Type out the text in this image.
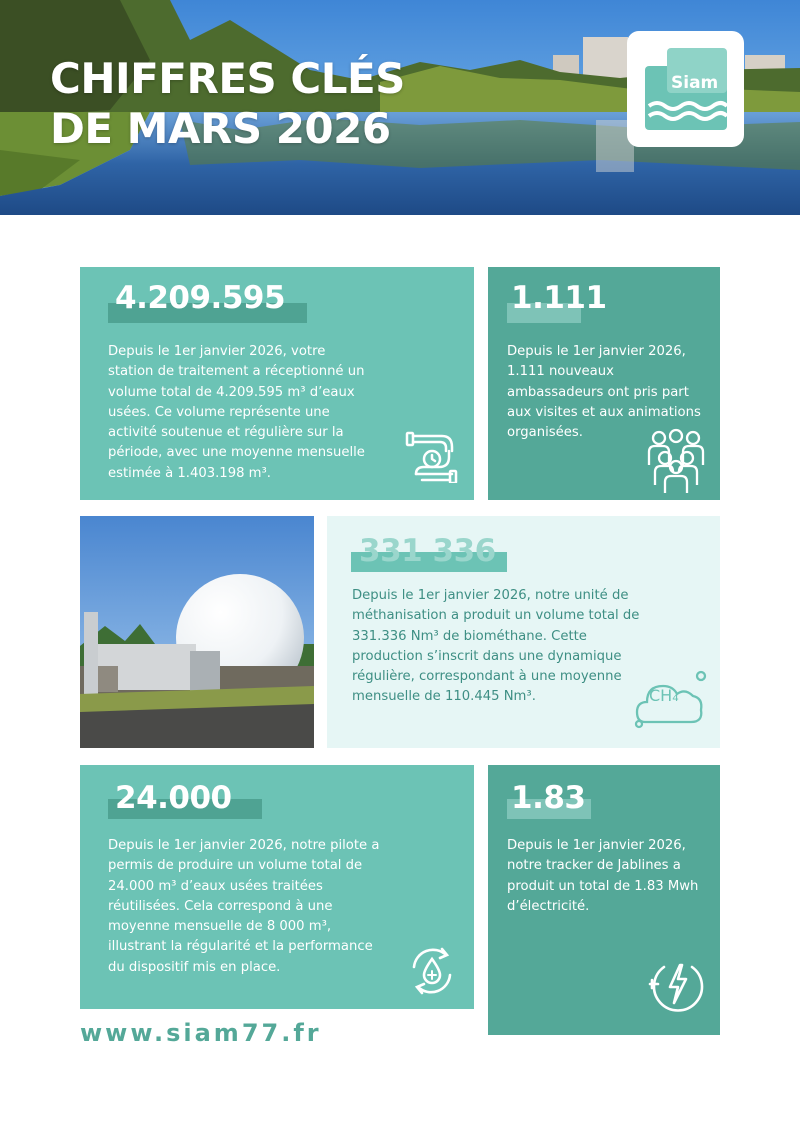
CHIFFRES CLÉS
DE MARS 2026
Siam
4.209.595
Depuis le 1er janvier 2026, votre station de traitement a réceptionné un volume total de 4.209.595 m³ d’eaux usées. Ce volume représente une activité soutenue et régulière sur la période, avec une moyenne mensuelle estimée à 1.403.198 m³.
1.111
Depuis le 1er janvier 2026, 1.111 nouveaux ambassadeurs ont pris part aux visites et aux animations organisées.
331 336
Depuis le 1er janvier 2026, notre unité de méthanisation a produit un volume total de 331.336 Nm³ de biométhane. Cette production s’inscrit dans une dynamique régulière, correspondant à une moyenne mensuelle de 110.445 Nm³.	CH₄
24.000
Depuis le 1er janvier 2026, notre pilote a permis de produire un volume total de 24.000 m³ d’eaux usées traitées réutilisées. Cela correspond à une moyenne mensuelle de 8 000 m³, illustrant la régularité et la performance du dispositif mis en place.
1.83
Depuis le 1er janvier 2026, notre tracker de Jablines a produit un total de 1.83 Mwh d’électricité.
www.siam77.fr
